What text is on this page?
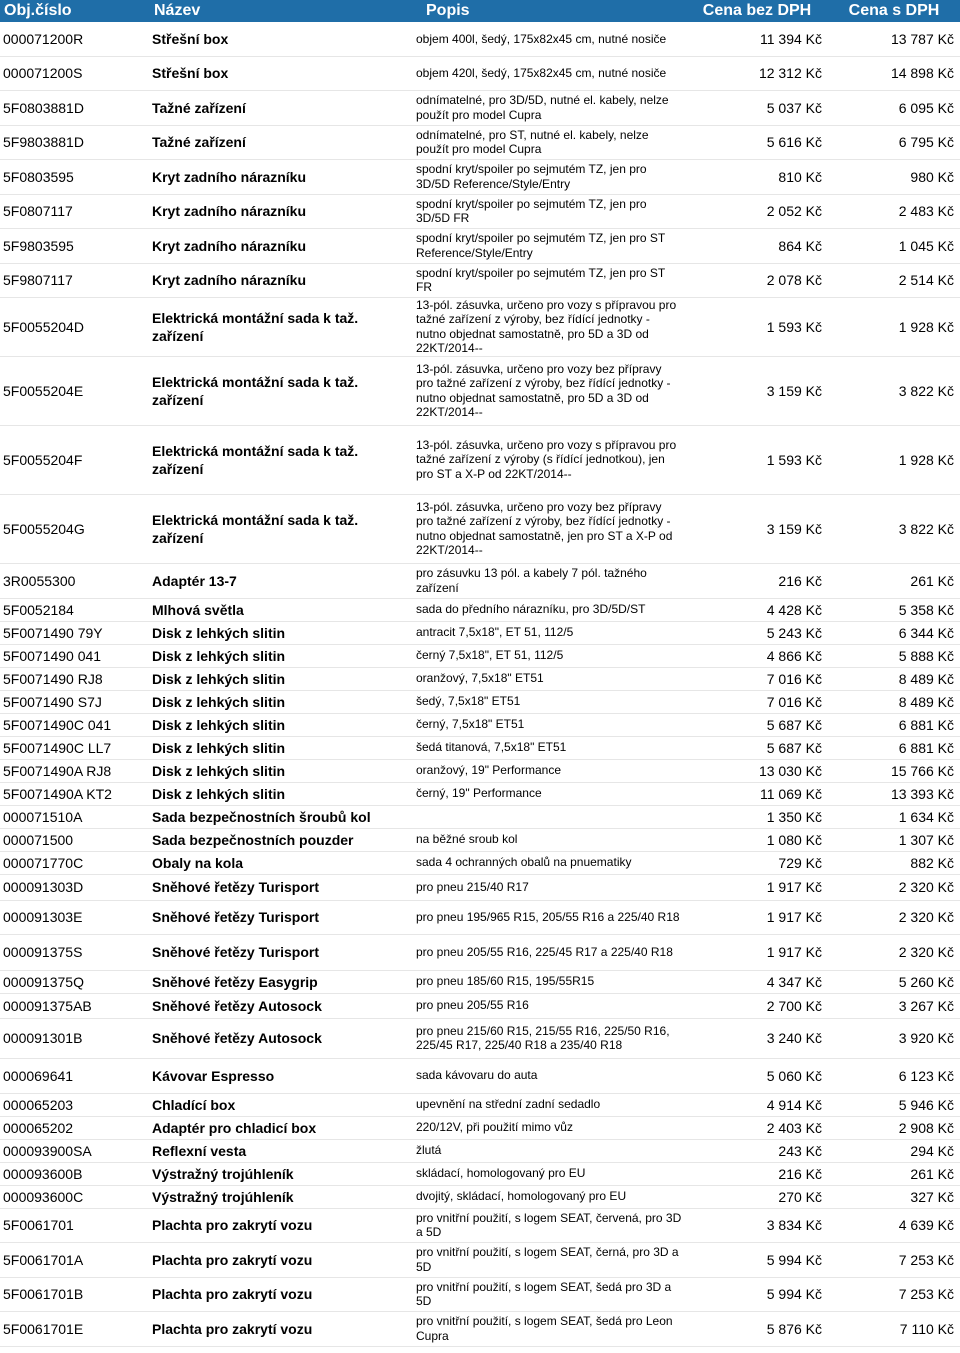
Obj.číslo	Název	Popis	Cena bez DPH	Cena s DPH
000071200R	Střešní box	objem 400l, šedý, 175x82x45 cm, nutné nosiče	11 394 Kč	13 787 Kč
000071200S	Střešní box	objem 420l, šedý, 175x82x45 cm, nutné nosiče	12 312 Kč	14 898 Kč
5F0803881D	Tažné zařízení	odnímatelné, pro 3D/5D, nutné el. kabely, nelze použít pro model Cupra	5 037 Kč	6 095 Kč
5F9803881D	Tažné zařízení	odnímatelné, pro ST, nutné el. kabely, nelze použít pro model Cupra	5 616 Kč	6 795 Kč
5F0803595	Kryt zadního nárazníku	spodní kryt/spoiler po sejmutém TZ, jen pro 3D/5D Reference/Style/Entry	810 Kč	980 Kč
5F0807117	Kryt zadního nárazníku	spodní kryt/spoiler po sejmutém TZ, jen pro 3D/5D FR	2 052 Kč	2 483 Kč
5F9803595	Kryt zadního nárazníku	spodní kryt/spoiler po sejmutém TZ, jen pro ST Reference/Style/Entry	864 Kč	1 045 Kč
5F9807117	Kryt zadního nárazníku	spodní kryt/spoiler po sejmutém TZ, jen pro ST FR	2 078 Kč	2 514 Kč
5F0055204D	Elektrická montážní sada k taž. zařízení	13-pól. zásuvka, určeno pro vozy s přípravou pro tažné zařízení z výroby, bez řídící jednotky - nutno objednat samostatně, pro 5D a 3D od 22KT/2014--	1 593 Kč	1 928 Kč
5F0055204E	Elektrická montážní sada k taž. zařízení	13-pól. zásuvka, určeno pro vozy bez přípravy pro tažné zařízení z výroby, bez řídící jednotky - nutno objednat samostatně, pro 5D a 3D od 22KT/2014--	3 159 Kč	3 822 Kč
5F0055204F	Elektrická montážní sada k taž. zařízení	13-pól. zásuvka, určeno pro vozy s přípravou pro tažné zařízení z výroby (s řídící jednotkou), jen pro ST a X-P od 22KT/2014--	1 593 Kč	1 928 Kč
5F0055204G	Elektrická montážní sada k taž. zařízení	13-pól. zásuvka, určeno pro vozy bez přípravy pro tažné zařízení z výroby, bez řídící jednotky - nutno objednat samostatně, jen pro ST a X-P od 22KT/2014--	3 159 Kč	3 822 Kč
3R0055300	Adaptér 13-7	pro zásuvku 13 pól. a kabely 7 pól. tažného zařízení	216 Kč	261 Kč
5F0052184	Mlhová světla	sada do předního nárazníku, pro 3D/5D/ST	4 428 Kč	5 358 Kč
5F0071490 79Y	Disk z lehkých slitin	antracit 7,5x18", ET 51, 112/5	5 243 Kč	6 344 Kč
5F0071490 041	Disk z lehkých slitin	černý 7,5x18", ET 51, 112/5	4 866 Kč	5 888 Kč
5F0071490 RJ8	Disk z lehkých slitin	oranžový, 7,5x18" ET51	7 016 Kč	8 489 Kč
5F0071490 S7J	Disk z lehkých slitin	šedý, 7,5x18" ET51	7 016 Kč	8 489 Kč
5F0071490C 041	Disk z lehkých slitin	černý, 7,5x18" ET51	5 687 Kč	6 881 Kč
5F0071490C LL7	Disk z lehkých slitin	šedá titanová, 7,5x18" ET51	5 687 Kč	6 881 Kč
5F0071490A RJ8	Disk z lehkých slitin	oranžový, 19" Performance	13 030 Kč	15 766 Kč
5F0071490A KT2	Disk z lehkých slitin	černý, 19" Performance	11 069 Kč	13 393 Kč
000071510A	Sada bezpečnostních šroubů kol		1 350 Kč	1 634 Kč
000071500	Sada bezpečnostních pouzder	na běžné sroub kol	1 080 Kč	1 307 Kč
000071770C	Obaly na kola	sada 4 ochranných obalů na pnuematiky	729 Kč	882 Kč
000091303D	Sněhové řetězy Turisport	pro pneu 215/40 R17	1 917 Kč	2 320 Kč
000091303E	Sněhové řetězy Turisport	pro pneu 195/965 R15, 205/55 R16 a 225/40 R18	1 917 Kč	2 320 Kč
000091375S	Sněhové řetězy Turisport	pro pneu 205/55 R16, 225/45 R17 a 225/40 R18	1 917 Kč	2 320 Kč
000091375Q	Sněhové řetězy Easygrip	pro pneu 185/60 R15, 195/55R15	4 347 Kč	5 260 Kč
000091375AB	Sněhové řetězy Autosock	pro pneu 205/55 R16	2 700 Kč	3 267 Kč
000091301B	Sněhové řetězy Autosock	pro pneu 215/60 R15, 215/55 R16, 225/50 R16, 225/45 R17, 225/40 R18 a 235/40 R18	3 240 Kč	3 920 Kč
000069641	Kávovar Espresso	sada kávovaru do auta	5 060 Kč	6 123 Kč
000065203	Chladící box	upevnění na střední zadní sedadlo	4 914 Kč	5 946 Kč
000065202	Adaptér pro chladicí box	220/12V, při použití mimo vůz	2 403 Kč	2 908 Kč
000093900SA	Reflexní vesta	žlutá	243 Kč	294 Kč
000093600B	Výstražný trojúhleník	skládací, homologovaný pro EU	216 Kč	261 Kč
000093600C	Výstražný trojúhleník	dvojitý, skládací, homologovaný pro EU	270 Kč	327 Kč
5F0061701	Plachta pro zakrytí vozu	pro vnitřní použití, s logem SEAT, červená, pro 3D a 5D	3 834 Kč	4 639 Kč
5F0061701A	Plachta pro zakrytí vozu	pro vnitřní použití, s logem SEAT, černá, pro 3D a 5D	5 994 Kč	7 253 Kč
5F0061701B	Plachta pro zakrytí vozu	pro vnitřní použití, s logem SEAT, šedá pro 3D a 5D	5 994 Kč	7 253 Kč
5F0061701E	Plachta pro zakrytí vozu	pro vnitřní použití, s logem SEAT, šedá pro Leon Cupra	5 876 Kč	7 110 Kč
